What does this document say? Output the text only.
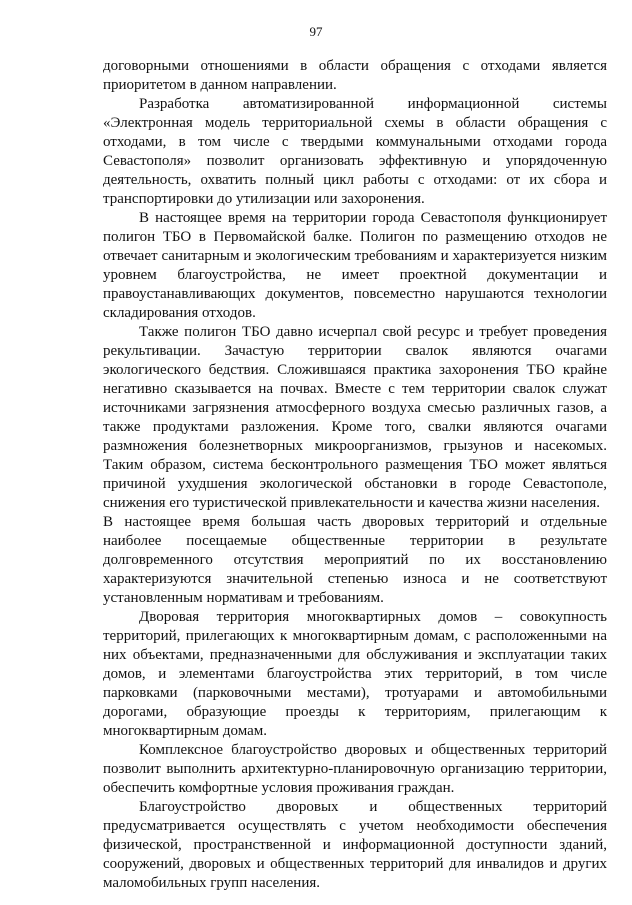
97

договорными отношениями в области обращения с отходами является приоритетом в данном направлении.

Разработка автоматизированной информационной системы «Электронная модель территориальной схемы в области обращения с отходами, в том числе с твердыми коммунальными отходами города Севастополя» позволит организовать эффективную и упорядоченную деятельность, охватить полный цикл работы с отходами: от их сбора и транспортировки до утилизации или захоронения.

В настоящее время на территории города Севастополя функционирует полигон ТБО в Первомайской балке. Полигон по размещению отходов не отвечает санитарным и экологическим требованиям и характеризуется низким уровнем благоустройства, не имеет проектной документации и правоустанавливающих документов, повсеместно нарушаются технологии складирования отходов.

Также полигон ТБО давно исчерпал свой ресурс и требует проведения рекультивации. Зачастую территории свалок являются очагами экологического бедствия. Сложившаяся практика захоронения ТБО крайне негативно сказывается на почвах. Вместе с тем территории свалок служат источниками загрязнения атмосферного воздуха смесью различных газов, а также продуктами разложения. Кроме того, свалки являются очагами размножения болезнетворных микроорганизмов, грызунов и насекомых. Таким образом, система бесконтрольного размещения ТБО может являться причиной ухудшения экологической обстановки в городе Севастополе, снижения его туристической привлекательности и качества жизни населения.

В настоящее время большая часть дворовых территорий и отдельные наиболее посещаемые общественные территории в результате долговременного отсутствия мероприятий по их восстановлению характеризуются значительной степенью износа и не соответствуют установленным нормативам и требованиям.

Дворовая территория многоквартирных домов – совокупность территорий, прилегающих к многоквартирным домам, с расположенными на них объектами, предназначенными для обслуживания и эксплуатации таких домов, и элементами благоустройства этих территорий, в том числе парковками (парковочными местами), тротуарами и автомобильными дорогами, образующие проезды к территориям, прилегающим к многоквартирным домам.

Комплексное благоустройство дворовых и общественных территорий позволит выполнить архитектурно-планировочную организацию территории, обеспечить комфортные условия проживания граждан.

Благоустройство дворовых и общественных территорий предусматривается осуществлять с учетом необходимости обеспечения физической, пространственной и информационной доступности зданий, сооружений, дворовых и общественных территорий для инвалидов и других маломобильных групп населения.
